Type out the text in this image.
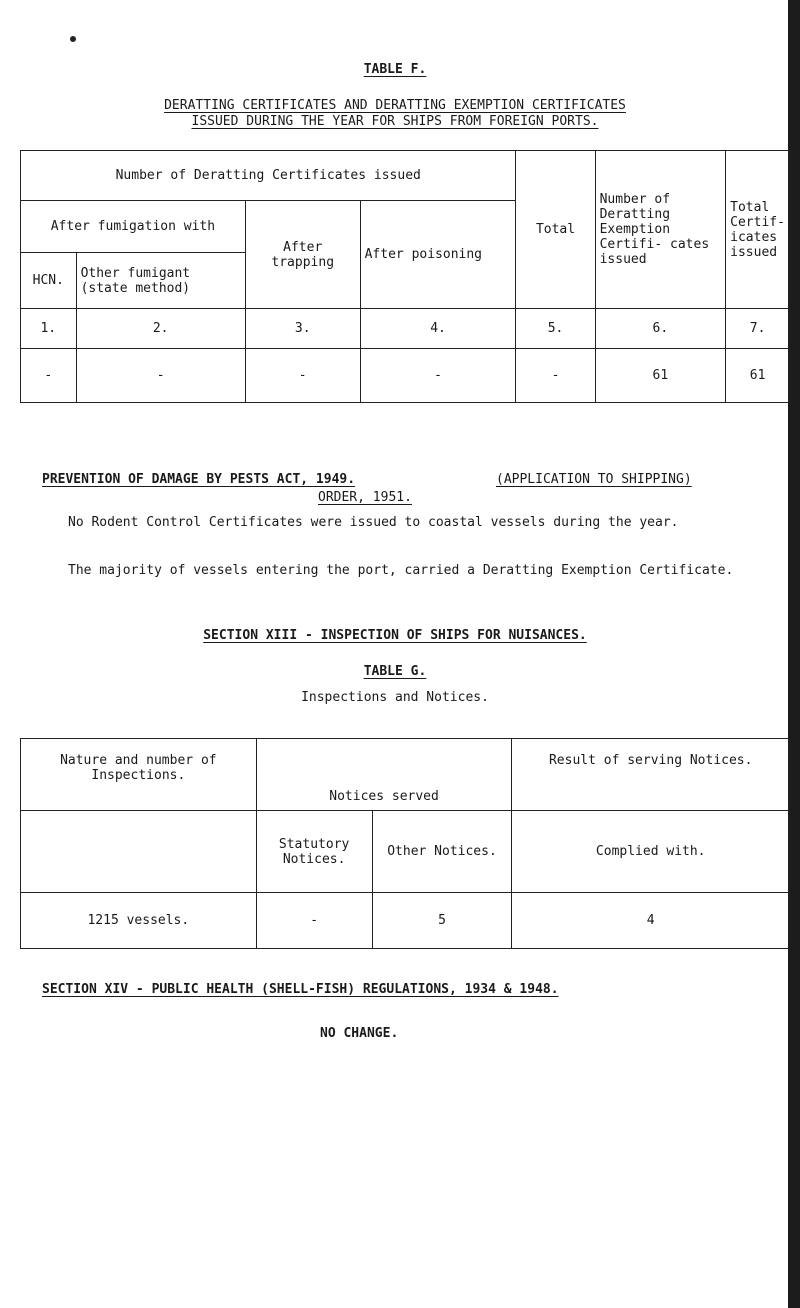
TABLE F.
DERATTING CERTIFICATES AND DERATTING EXEMPTION CERTIFICATES
ISSUED DURING THE YEAR FOR SHIPS FROM FOREIGN PORTS.
Number of Deratting Certificates issued				Total	Number of Deratting Exemption Certifi- cates issued	Total Certif- icates issued
After fumigation with		After trapping	After poisoning			
HCN.	Other fumigant (state method)					
1.	2.	3.	4.	5.	6.	7.
-	-	-	-	-	61	61
PREVENTION OF DAMAGE BY PESTS ACT, 1949.	(APPLICATION TO SHIPPING)
ORDER, 1951.
No Rodent Control Certificates were issued to coastal vessels during the year.
The majority of vessels entering the port, carried a Deratting Exemption Certificate.
SECTION XIII - INSPECTION OF SHIPS FOR NUISANCES.
TABLE G.
Inspections and Notices.
Nature and number of Inspections.	Notices served		Result of serving Notices.
	Statutory Notices.	Other Notices.	Complied with.
1215 vessels.	-	5	4
SECTION XIV - PUBLIC HEALTH (SHELL-FISH) REGULATIONS, 1934 & 1948.
NO CHANGE.
